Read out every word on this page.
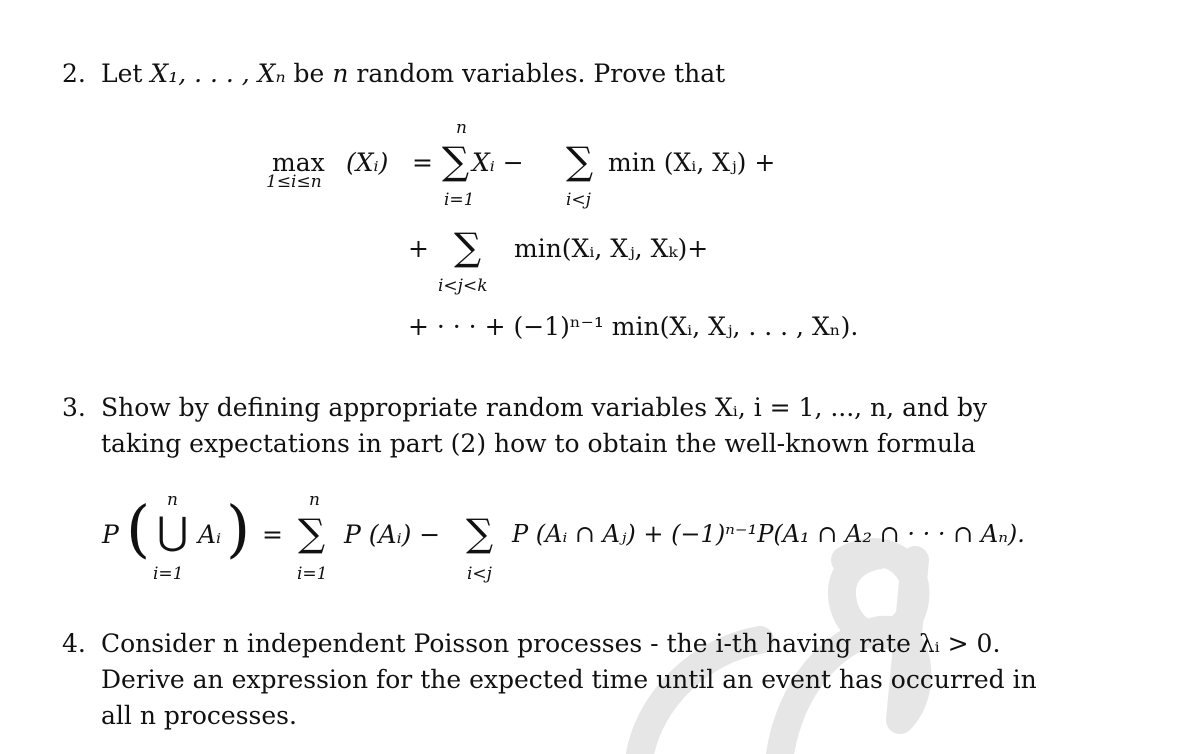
2. Let X₁, . . . , Xₙ be n random variables. Prove that
max
1≤i≤n
(Xᵢ) =
n
∑
i=1
Xᵢ − ∑
i<j
min (Xᵢ, Xⱼ) +
+ ∑
i<j<k
min(Xᵢ, Xⱼ, Xₖ)+
+ · · · + (−1)ⁿ⁻¹ min(Xᵢ, Xⱼ, . . . , Xₙ).
3. Show by defining appropriate random variables Xᵢ, i = 1, ..., n, and by
taking expectations in part (2) how to obtain the well-known formula
P ( n
⋃
i=1
Aᵢ ) =
n
∑
i=1
P (Aᵢ) − ∑
i<j
P (Aᵢ ∩ Aⱼ) + (−1)ⁿ⁻¹P(A₁ ∩ A₂ ∩ · · · ∩ Aₙ).
4. Consider n independent Poisson processes - the i-th having rate λᵢ > 0.
Derive an expression for the expected time until an event has occurred in
all n processes.
